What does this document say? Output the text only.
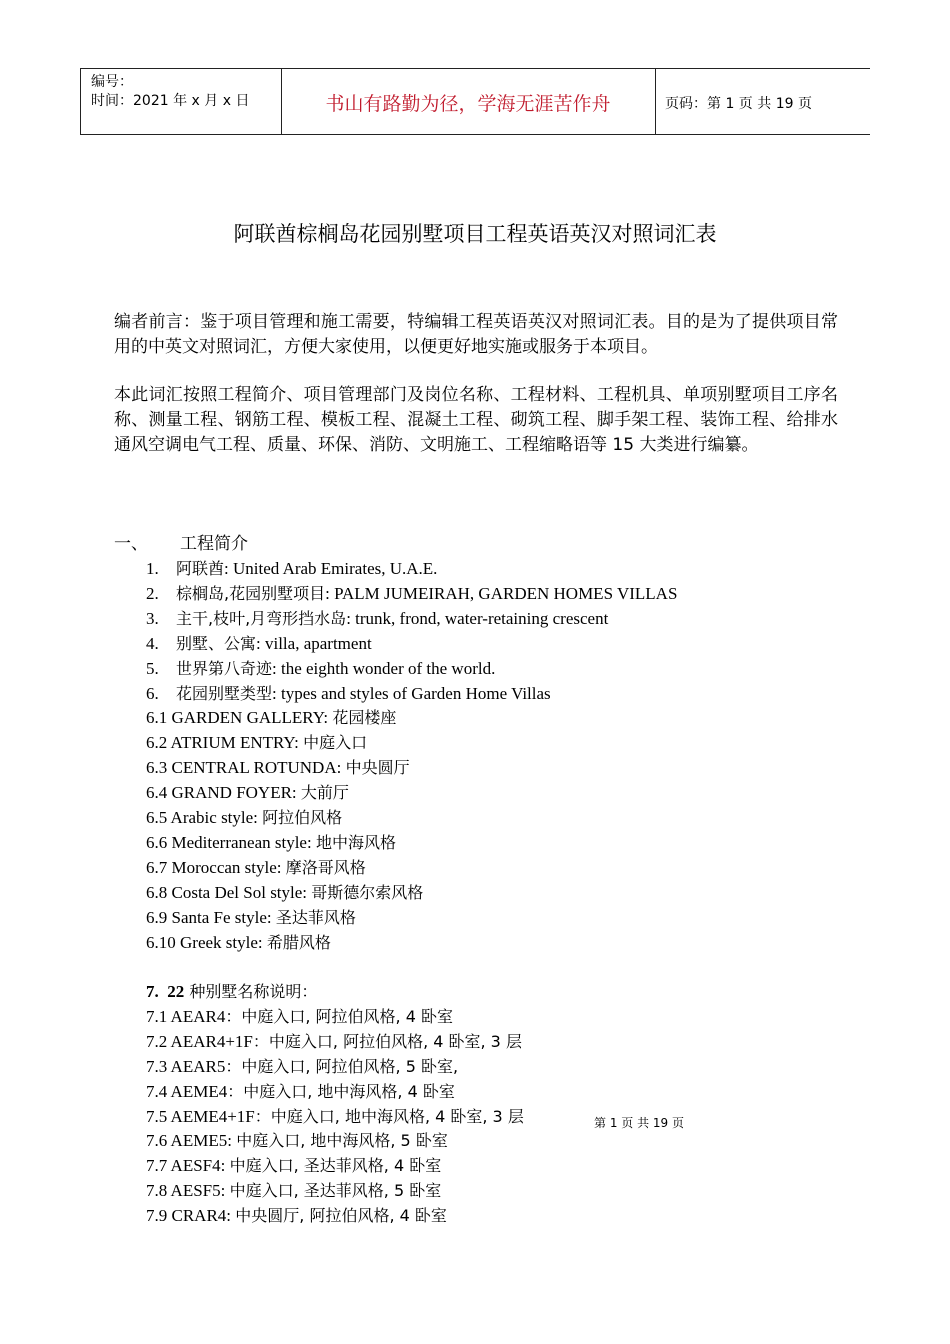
编号：
时间：2021 年 x 月 x 日	书山有路勤为径，学海无涯苦作舟	页码：第 1 页 共 19 页
阿联酋棕榈岛花园别墅项目工程英语英汉对照词汇表
编者前言：鉴于项目管理和施工需要，特编辑工程英语英汉对照词汇表。目的是为了提供项目常用的中英文对照词汇，方便大家使用，以便更好地实施或服务于本项目。
本此词汇按照工程简介、项目管理部门及岗位名称、工程材料、工程机具、单项别墅项目工序名称、测量工程、钢筋工程、模板工程、混凝土工程、砌筑工程、脚手架工程、装饰工程、给排水通风空调电气工程、质量、环保、消防、文明施工、工程缩略语等 15 大类进行编纂。
一、 工程简介
1. 阿联酋: United Arab Emirates, U.A.E.
2. 棕榈岛,花园别墅项目: PALM JUMEIRAH, GARDEN HOMES VILLAS
3. 主干,枝叶,月弯形挡水岛: trunk, frond, water-retaining crescent
4. 别墅、公寓: villa, apartment
5. 世界第八奇迹: the eighth wonder of the world.
6. 花园别墅类型: types and styles of Garden Home Villas
6.1 GARDEN GALLERY: 花园楼座
6.2 ATRIUM ENTRY: 中庭入口
6.3 CENTRAL ROTUNDA: 中央圆厅
6.4 GRAND FOYER: 大前厅
6.5 Arabic style: 阿拉伯风格
6.6 Mediterranean style: 地中海风格
6.7 Moroccan style: 摩洛哥风格
6.8 Costa Del Sol style: 哥斯德尔索风格
6.9 Santa Fe style: 圣达菲风格
6.10 Greek style: 希腊风格
7. 22 种别墅名称说明：
7.1 AEAR4：中庭入口, 阿拉伯风格, 4 卧室
7.2 AEAR4+1F：中庭入口, 阿拉伯风格, 4 卧室, 3 层
7.3 AEAR5：中庭入口, 阿拉伯风格, 5 卧室,
7.4 AEME4：中庭入口, 地中海风格, 4 卧室
7.5 AEME4+1F：中庭入口, 地中海风格, 4 卧室, 3 层
7.6 AEME5: 中庭入口, 地中海风格, 5 卧室
7.7 AESF4: 中庭入口, 圣达菲风格, 4 卧室
7.8 AESF5: 中庭入口, 圣达菲风格, 5 卧室
7.9 CRAR4: 中央圆厅, 阿拉伯风格, 4 卧室
第 1 页 共 19 页
